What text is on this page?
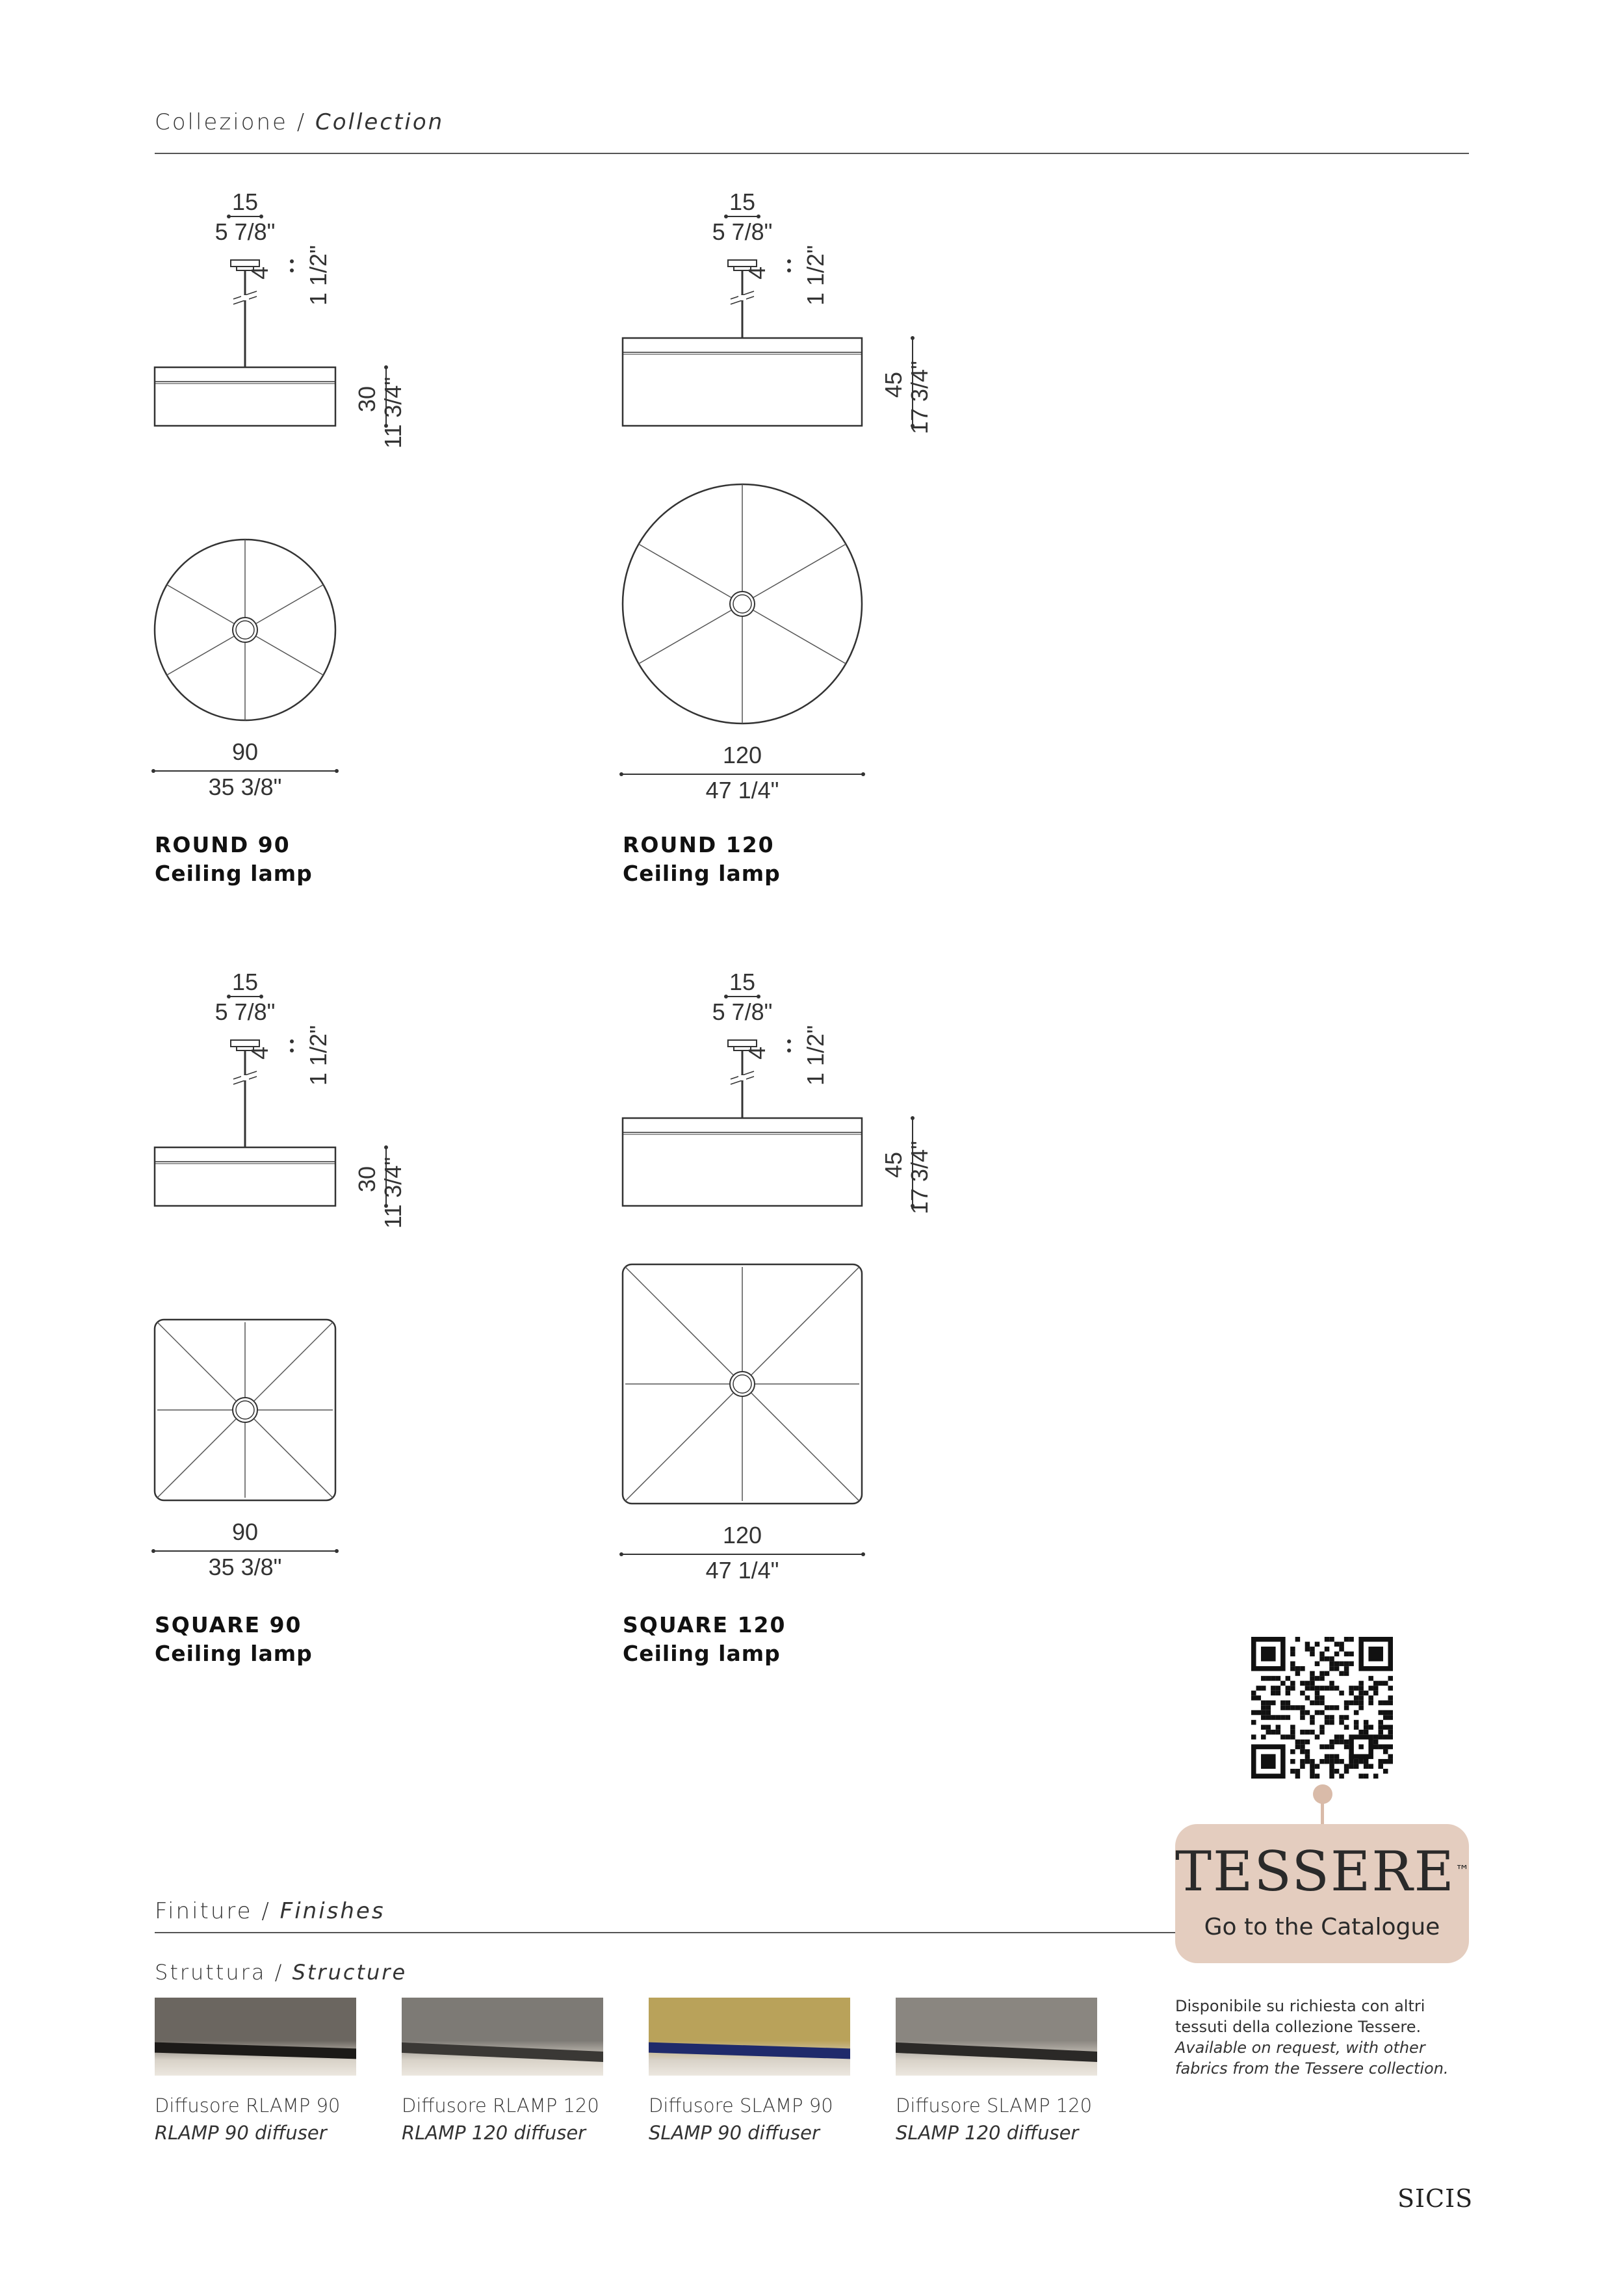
Collezione / Collection
15
5 7/8"
4 1 1/2"
30 11 3/4"
90
35 3/8"
ROUND 90
Ceiling lamp
15
5 7/8"
4 1 1/2"
45 17 3/4"
120
47 1/4"
ROUND 120
Ceiling lamp
15
5 7/8"
4 1 1/2"
30 11 3/4"
90
35 3/8"
SQUARE 90
Ceiling lamp
15
5 7/8"
4 1 1/2"
45 17 3/4"
120
47 1/4"
SQUARE 120
Ceiling lamp
Finiture / Finishes
Struttura / Structure
Diffusore RLAMP 90
RLAMP 90 diffuser
Diffusore RLAMP 120
RLAMP 120 diffuser
Diffusore SLAMP 90
SLAMP 90 diffuser
Diffusore SLAMP 120
SLAMP 120 diffuser
TESSERE™
Go to the Catalogue
Disponibile su richiesta con altri tessuti della collezione Tessere.
Available on request, with other fabrics from the Tessere collection.
SICIS
